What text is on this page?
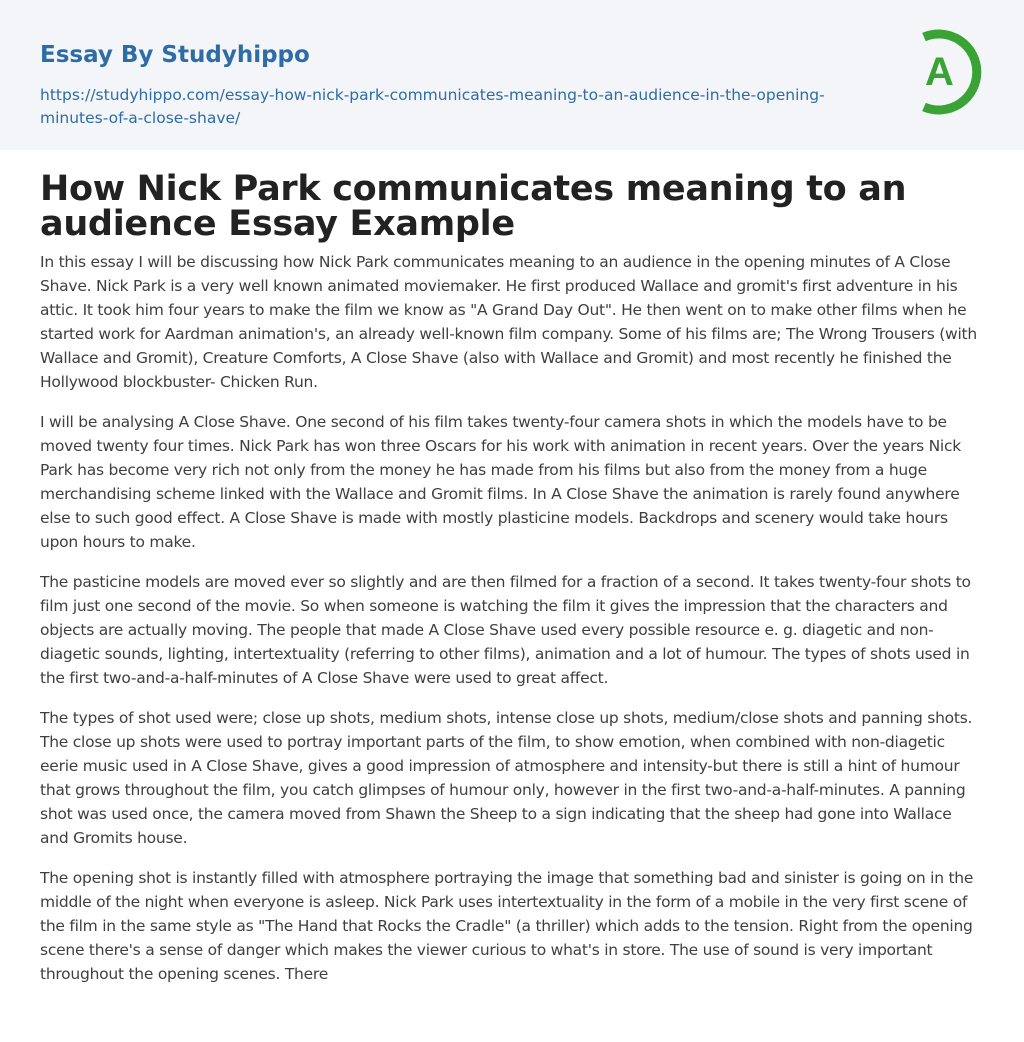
Essay By Studyhippo
https://studyhippo.com/essay-how-nick-park-communicates-meaning-to-an-audience-in-the-opening-minutes-of-a-close-shave/
A
How Nick Park communicates meaning to an audience Essay Example

In this essay I will be discussing how Nick Park communicates meaning to an audience in the opening minutes of A Close Shave. Nick Park is a very well known animated moviemaker. He first produced Wallace and gromit's first adventure in his attic. It took him four years to make the film we know as "A Grand Day Out". He then went on to make other films when he started work for Aardman animation's, an already well-known film company. Some of his films are; The Wrong Trousers (with Wallace and Gromit), Creature Comforts, A Close Shave (also with Wallace and Gromit) and most recently he finished the Hollywood blockbuster- Chicken Run.

I will be analysing A Close Shave. One second of his film takes twenty-four camera shots in which the models have to be moved twenty four times. Nick Park has won three Oscars for his work with animation in recent years. Over the years Nick Park has become very rich not only from the money he has made from his films but also from the money from a huge merchandising scheme linked with the Wallace and Gromit films. In A Close Shave the animation is rarely found anywhere else to such good effect. A Close Shave is made with mostly plasticine models. Backdrops and scenery would take hours upon hours to make.

The pasticine models are moved ever so slightly and are then filmed for a fraction of a second. It takes twenty-four shots to film just one second of the movie. So when someone is watching the film it gives the impression that the characters and objects are actually moving. The people that made A Close Shave used every possible resource e. g. diagetic and non-diagetic sounds, lighting, intertextuality (referring to other films), animation and a lot of humour. The types of shots used in the first two-and-a-half-minutes of A Close Shave were used to great affect.

The types of shot used were; close up shots, medium shots, intense close up shots, medium/close shots and panning shots. The close up shots were used to portray important parts of the film, to show emotion, when combined with non-diagetic eerie music used in A Close Shave, gives a good impression of atmosphere and intensity-but there is still a hint of humour that grows throughout the film, you catch glimpses of humour only, however in the first two-and-a-half-minutes. A panning shot was used once, the camera moved from Shawn the Sheep to a sign indicating that the sheep had gone into Wallace and Gromits house.

The opening shot is instantly filled with atmosphere portraying the image that something bad and sinister is going on in the middle of the night when everyone is asleep. Nick Park uses intertextuality in the form of a mobile in the very first scene of the film in the same style as "The Hand that Rocks the Cradle" (a thriller) which adds to the tension. Right from the opening scene there's a sense of danger which makes the viewer curious to what's in store. The use of sound is very important throughout the opening scenes. There
